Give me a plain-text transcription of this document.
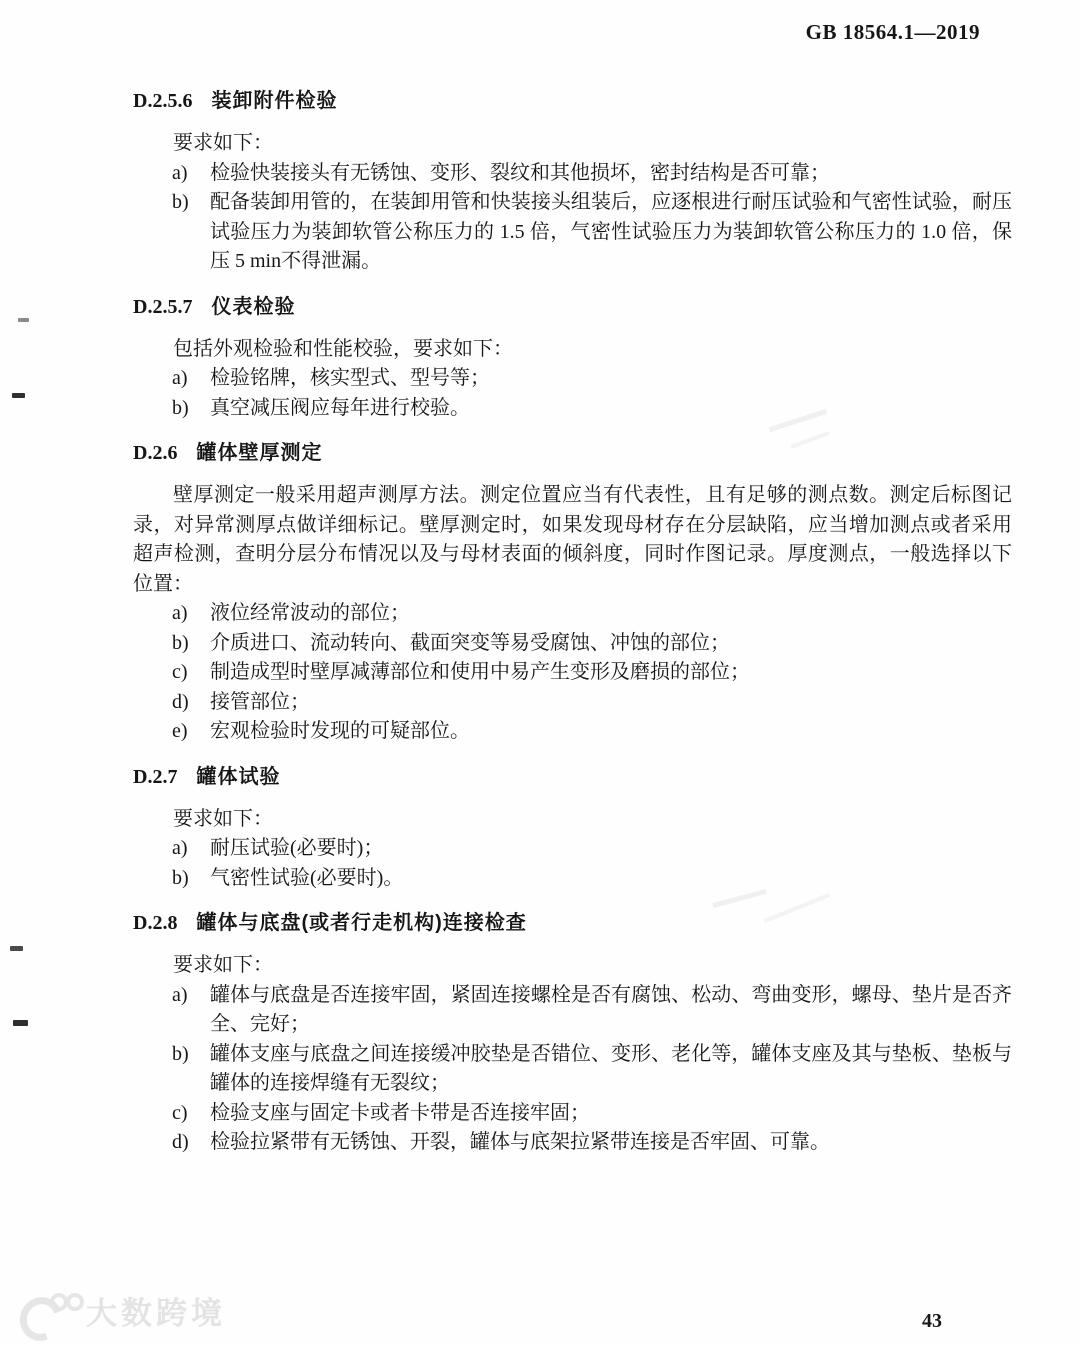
GB 18564.1—2019
D.2.5.6 装卸附件检验

要求如下：

a)	检验快装接头有无锈蚀、变形、裂纹和其他损坏，密封结构是否可靠；
b)	配备装卸用管的，在装卸用管和快装接头组装后，应逐根进行耐压试验和气密性试验，耐压试验压力为装卸软管公称压力的 1.5 倍，气密性试验压力为装卸软管公称压力的 1.0 倍，保压 5 min不得泄漏。
D.2.5.7 仪表检验

包括外观检验和性能校验，要求如下：

a)	检验铭牌，核实型式、型号等；
b)	真空减压阀应每年进行校验。
D.2.6 罐体壁厚测定

壁厚测定一般采用超声测厚方法。测定位置应当有代表性，且有足够的测点数。测定后标图记录，对异常测厚点做详细标记。壁厚测定时，如果发现母材存在分层缺陷，应当增加测点或者采用超声检测，查明分层分布情况以及与母材表面的倾斜度，同时作图记录。厚度测点，一般选择以下位置：

a)	液位经常波动的部位；
b)	介质进口、流动转向、截面突变等易受腐蚀、冲蚀的部位；
c)	制造成型时壁厚减薄部位和使用中易产生变形及磨损的部位；
d)	接管部位；
e)	宏观检验时发现的可疑部位。
D.2.7 罐体试验

要求如下：

a)	耐压试验(必要时)；
b)	气密性试验(必要时)。
D.2.8 罐体与底盘(或者行走机构)连接检查

要求如下：

a)	罐体与底盘是否连接牢固，紧固连接螺栓是否有腐蚀、松动、弯曲变形，螺母、垫片是否齐全、完好；
b)	罐体支座与底盘之间连接缓冲胶垫是否错位、变形、老化等，罐体支座及其与垫板、垫板与罐体的连接焊缝有无裂纹；
c)	检验支座与固定卡或者卡带是否连接牢固；
d)	检验拉紧带有无锈蚀、开裂，罐体与底架拉紧带连接是否牢固、可靠。
大数跨境	43
